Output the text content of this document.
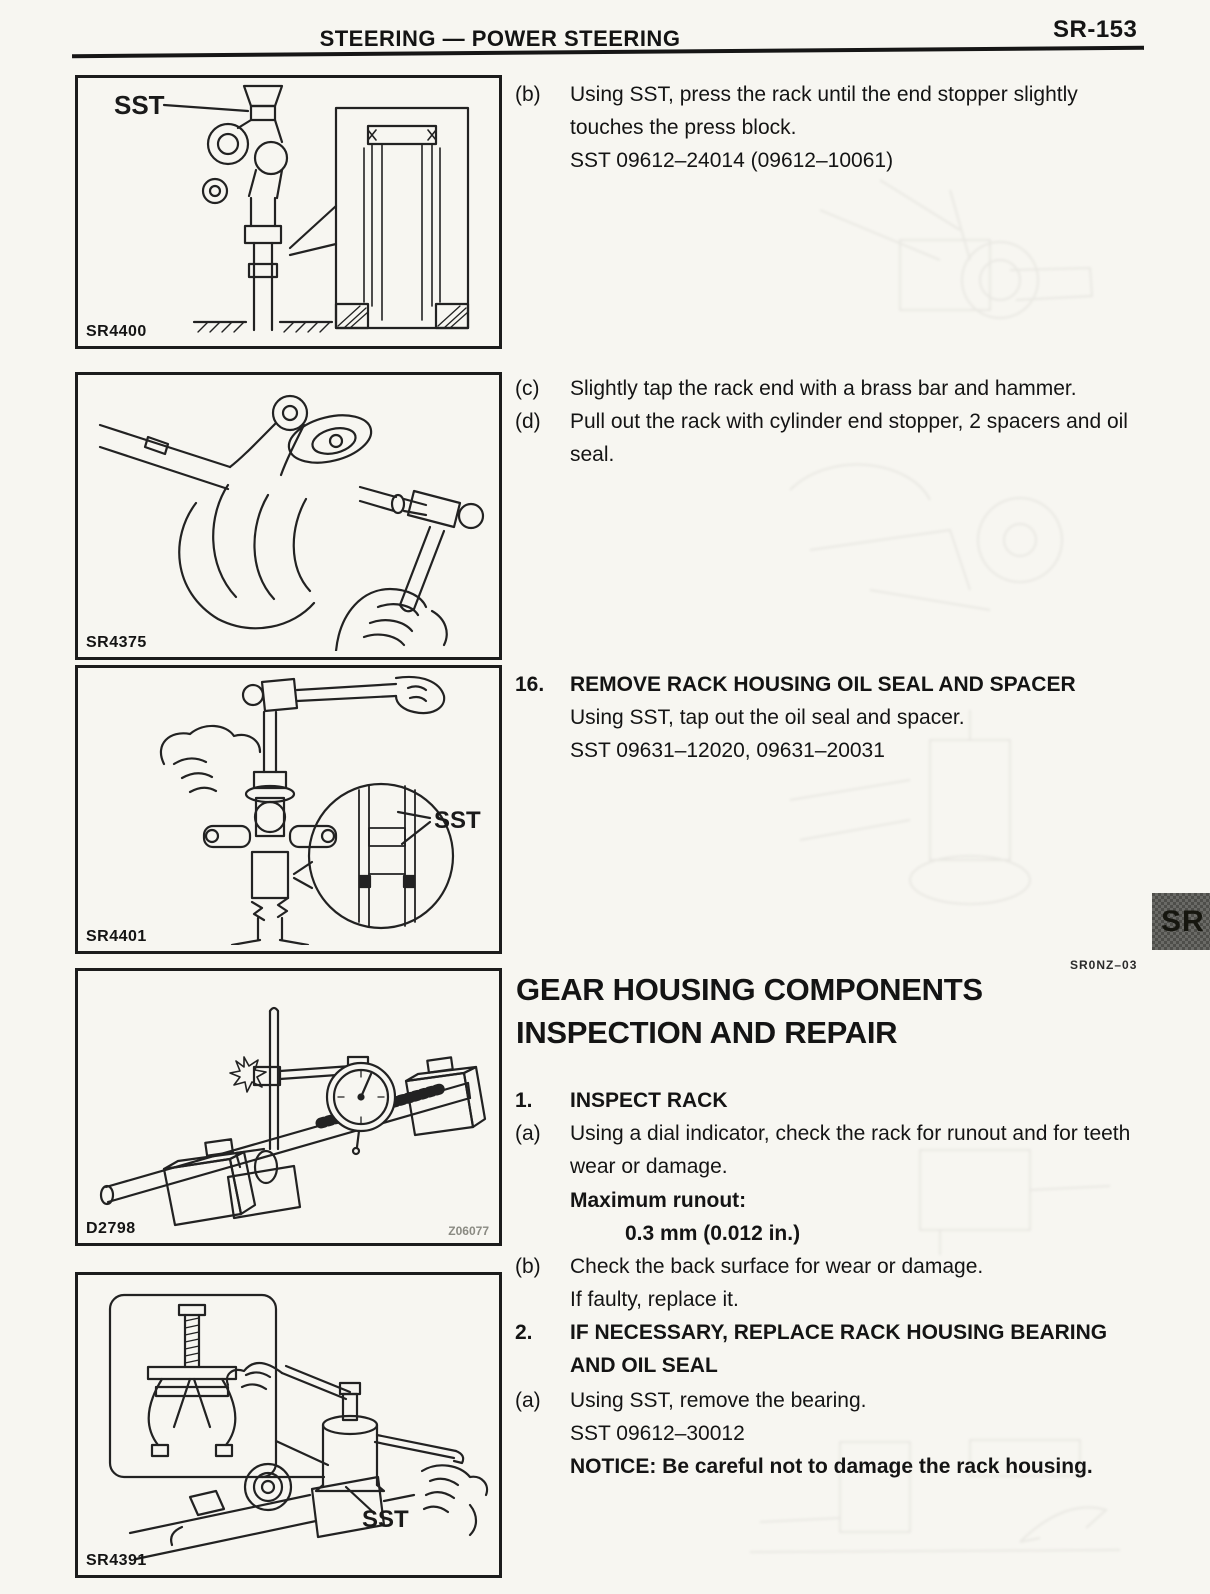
STEERING — POWER STEERING	SR-153
SST
SR4400
SR4375
SST
SR4401
D2798	Z06077
SST
SR4391
(b)	Using SST, press the rack until the end stopper slightly touches the press block.
SST 09612–24014 (09612–10061)
(c)	Slightly tap the rack end with a brass bar and hammer.
(d)	Pull out the rack with cylinder end stopper, 2 spacers and oil seal.
16.	REMOVE RACK HOUSING OIL SEAL AND SPACER
Using SST, tap out the oil seal and spacer.
SST 09631–12020, 09631–20031
SR0NZ–03
GEAR HOUSING COMPONENTS
INSPECTION AND REPAIR
1.	INSPECT RACK
(a)	Using a dial indicator, check the rack for runout and for teeth wear or damage.
Maximum runout:
0.3 mm (0.012 in.)
(b)	Check the back surface for wear or damage.
If faulty, replace it.
2.	IF NECESSARY, REPLACE RACK HOUSING BEARING AND OIL SEAL
(a)	Using SST, remove the bearing.
SST 09612–30012
NOTICE: Be careful not to damage the rack housing.
SR
